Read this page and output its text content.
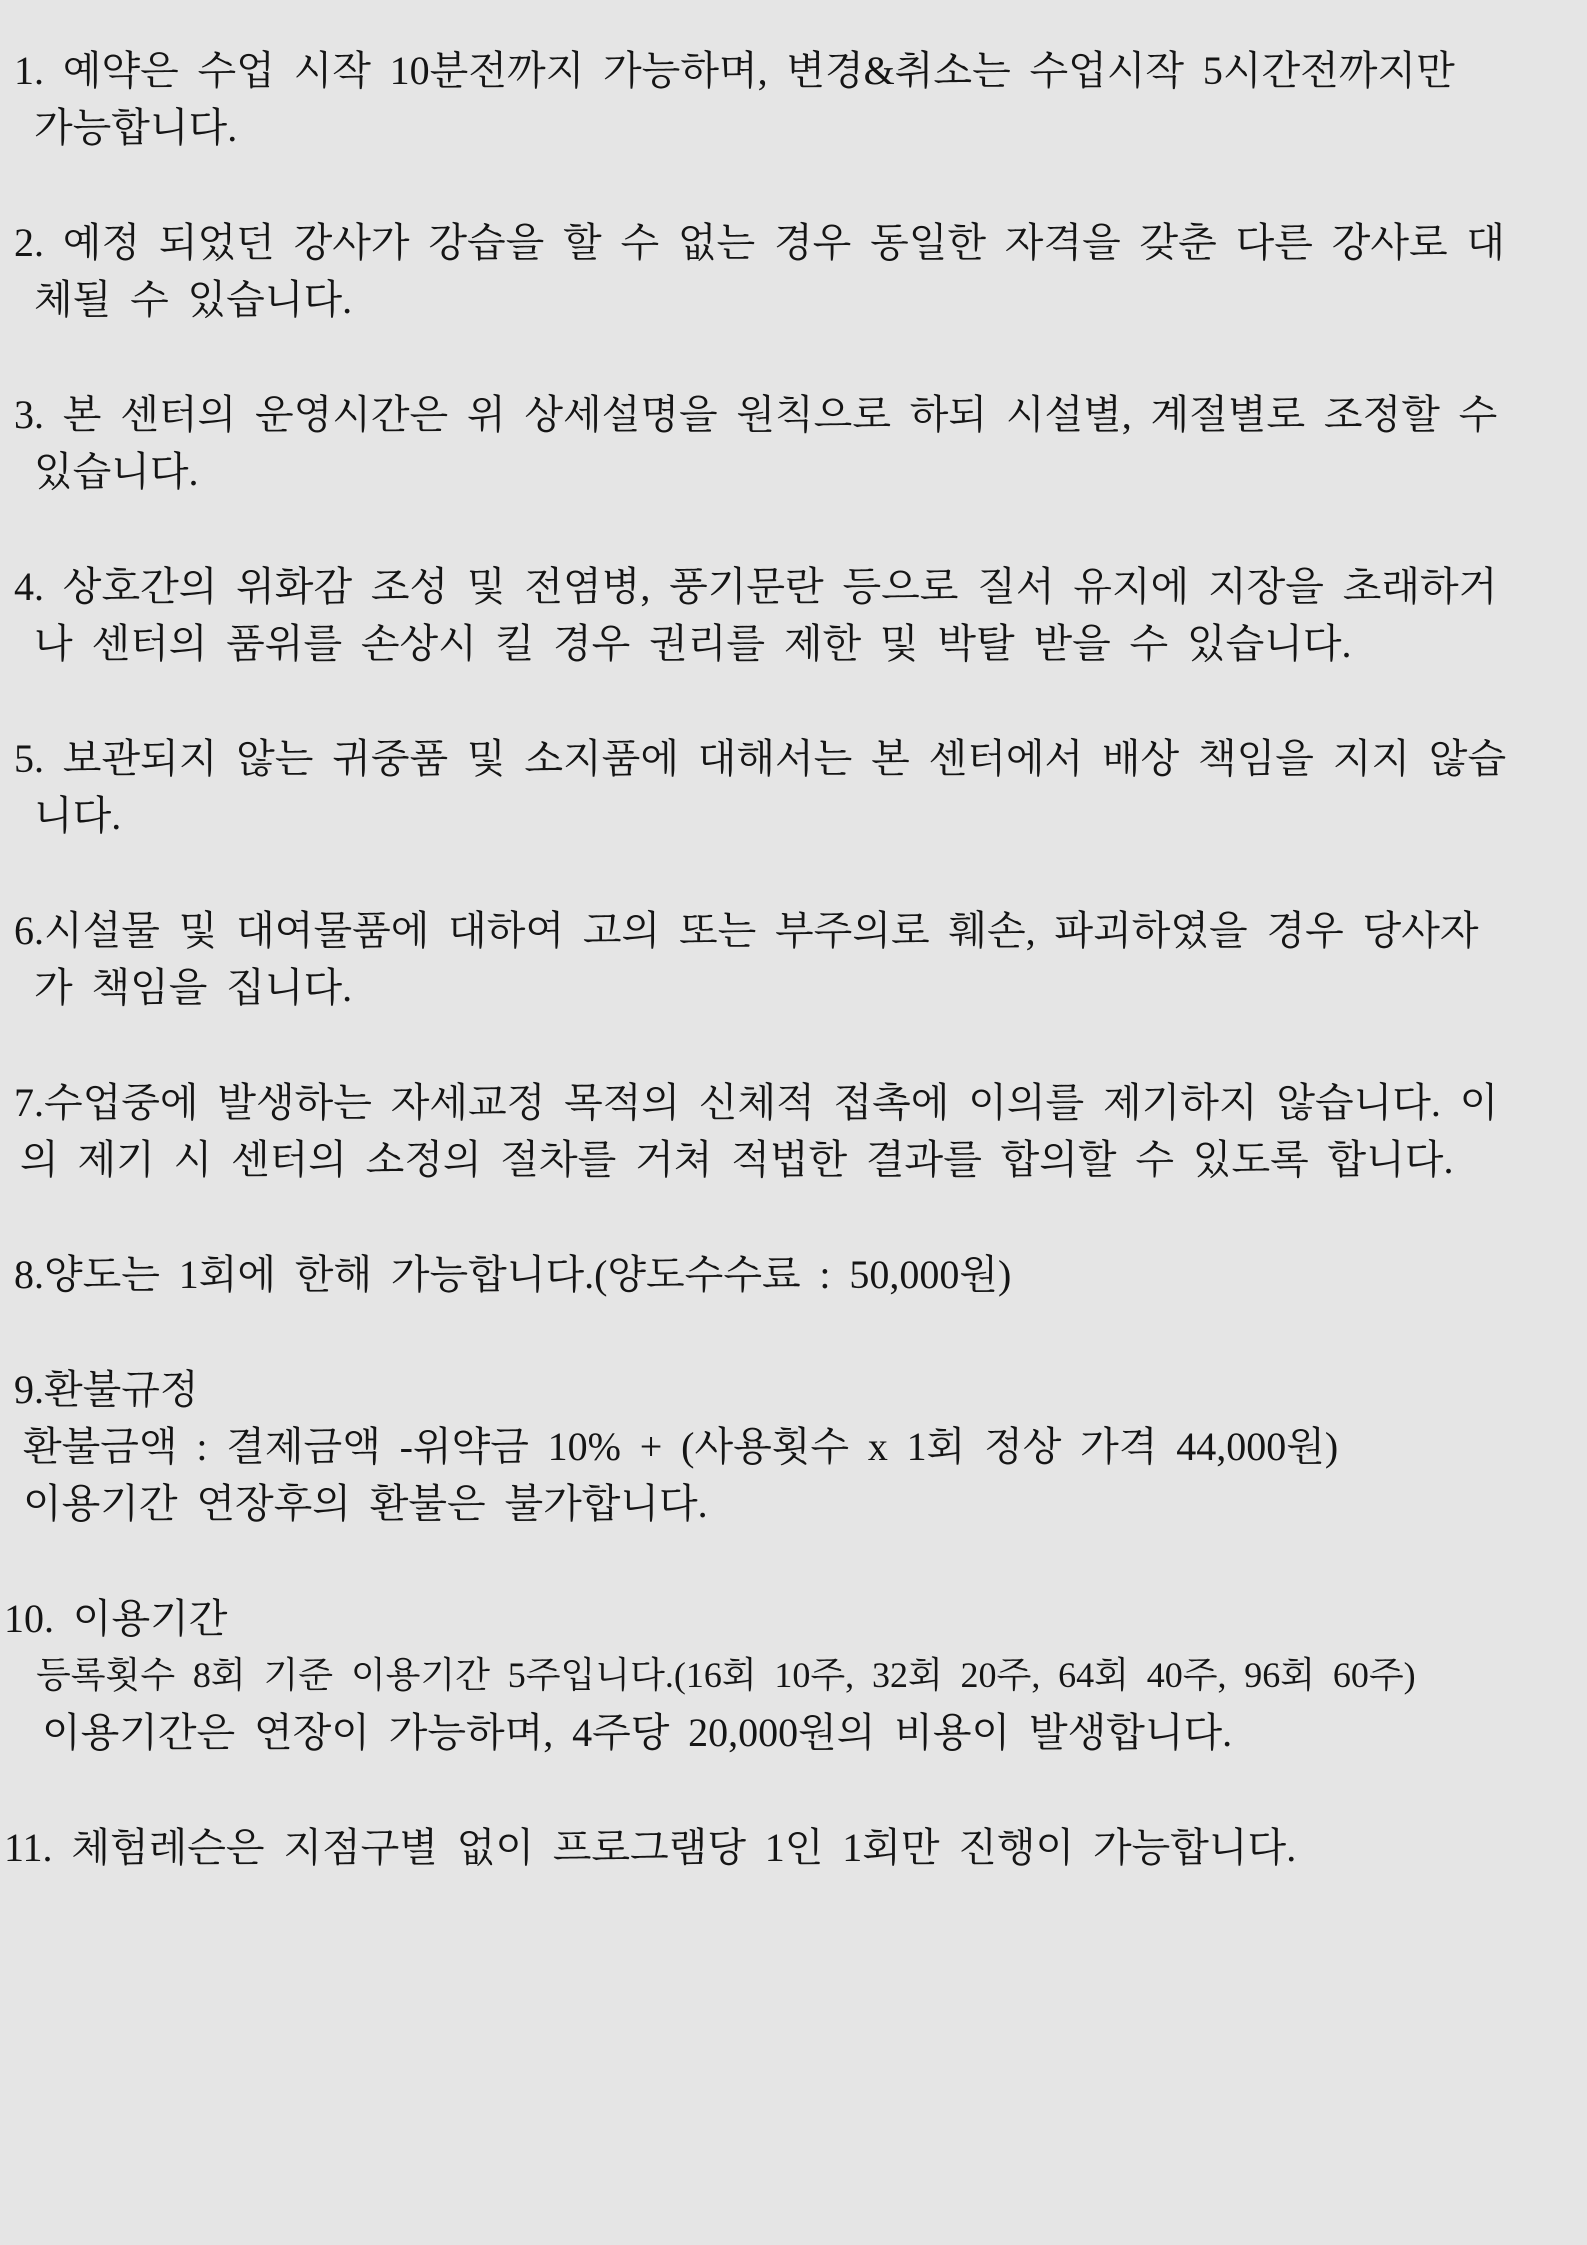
1. 예약은 수업 시작 10분전까지 가능하며, 변경&취소는 수업시작 5시간전까지만
가능합니다.
2. 예정 되었던 강사가 강습을 할 수 없는 경우 동일한 자격을 갖춘 다른 강사로 대
체될 수 있습니다.
3. 본 센터의 운영시간은 위 상세설명을 원칙으로 하되 시설별, 계절별로 조정할 수
있습니다.
4. 상호간의 위화감 조성 및 전염병, 풍기문란 등으로 질서 유지에 지장을 초래하거
나 센터의 품위를 손상시 킬 경우 권리를 제한 및 박탈 받을 수 있습니다.
5. 보관되지 않는 귀중품 및 소지품에 대해서는 본 센터에서 배상 책임을 지지 않습
니다.
6.시설물 및 대여물품에 대하여 고의 또는 부주의로 훼손, 파괴하였을 경우 당사자
가 책임을 집니다.
7.수업중에 발생하는 자세교정 목적의 신체적 접촉에 이의를 제기하지 않습니다. 이
의 제기 시 센터의 소정의 절차를 거쳐 적법한 결과를 합의할 수 있도록 합니다.
8.양도는 1회에 한해 가능합니다.(양도수수료 : 50,000원)
9.환불규정
환불금액 : 결제금액 -위약금 10% + (사용횟수 x 1회 정상 가격 44,000원)
이용기간 연장후의 환불은 불가합니다.
10. 이용기간
등록횟수 8회 기준 이용기간 5주입니다.(16회 10주, 32회 20주, 64회 40주, 96회 60주)
이용기간은 연장이 가능하며, 4주당 20,000원의 비용이 발생합니다.
11. 체험레슨은 지점구별 없이 프로그램당 1인 1회만 진행이 가능합니다.
